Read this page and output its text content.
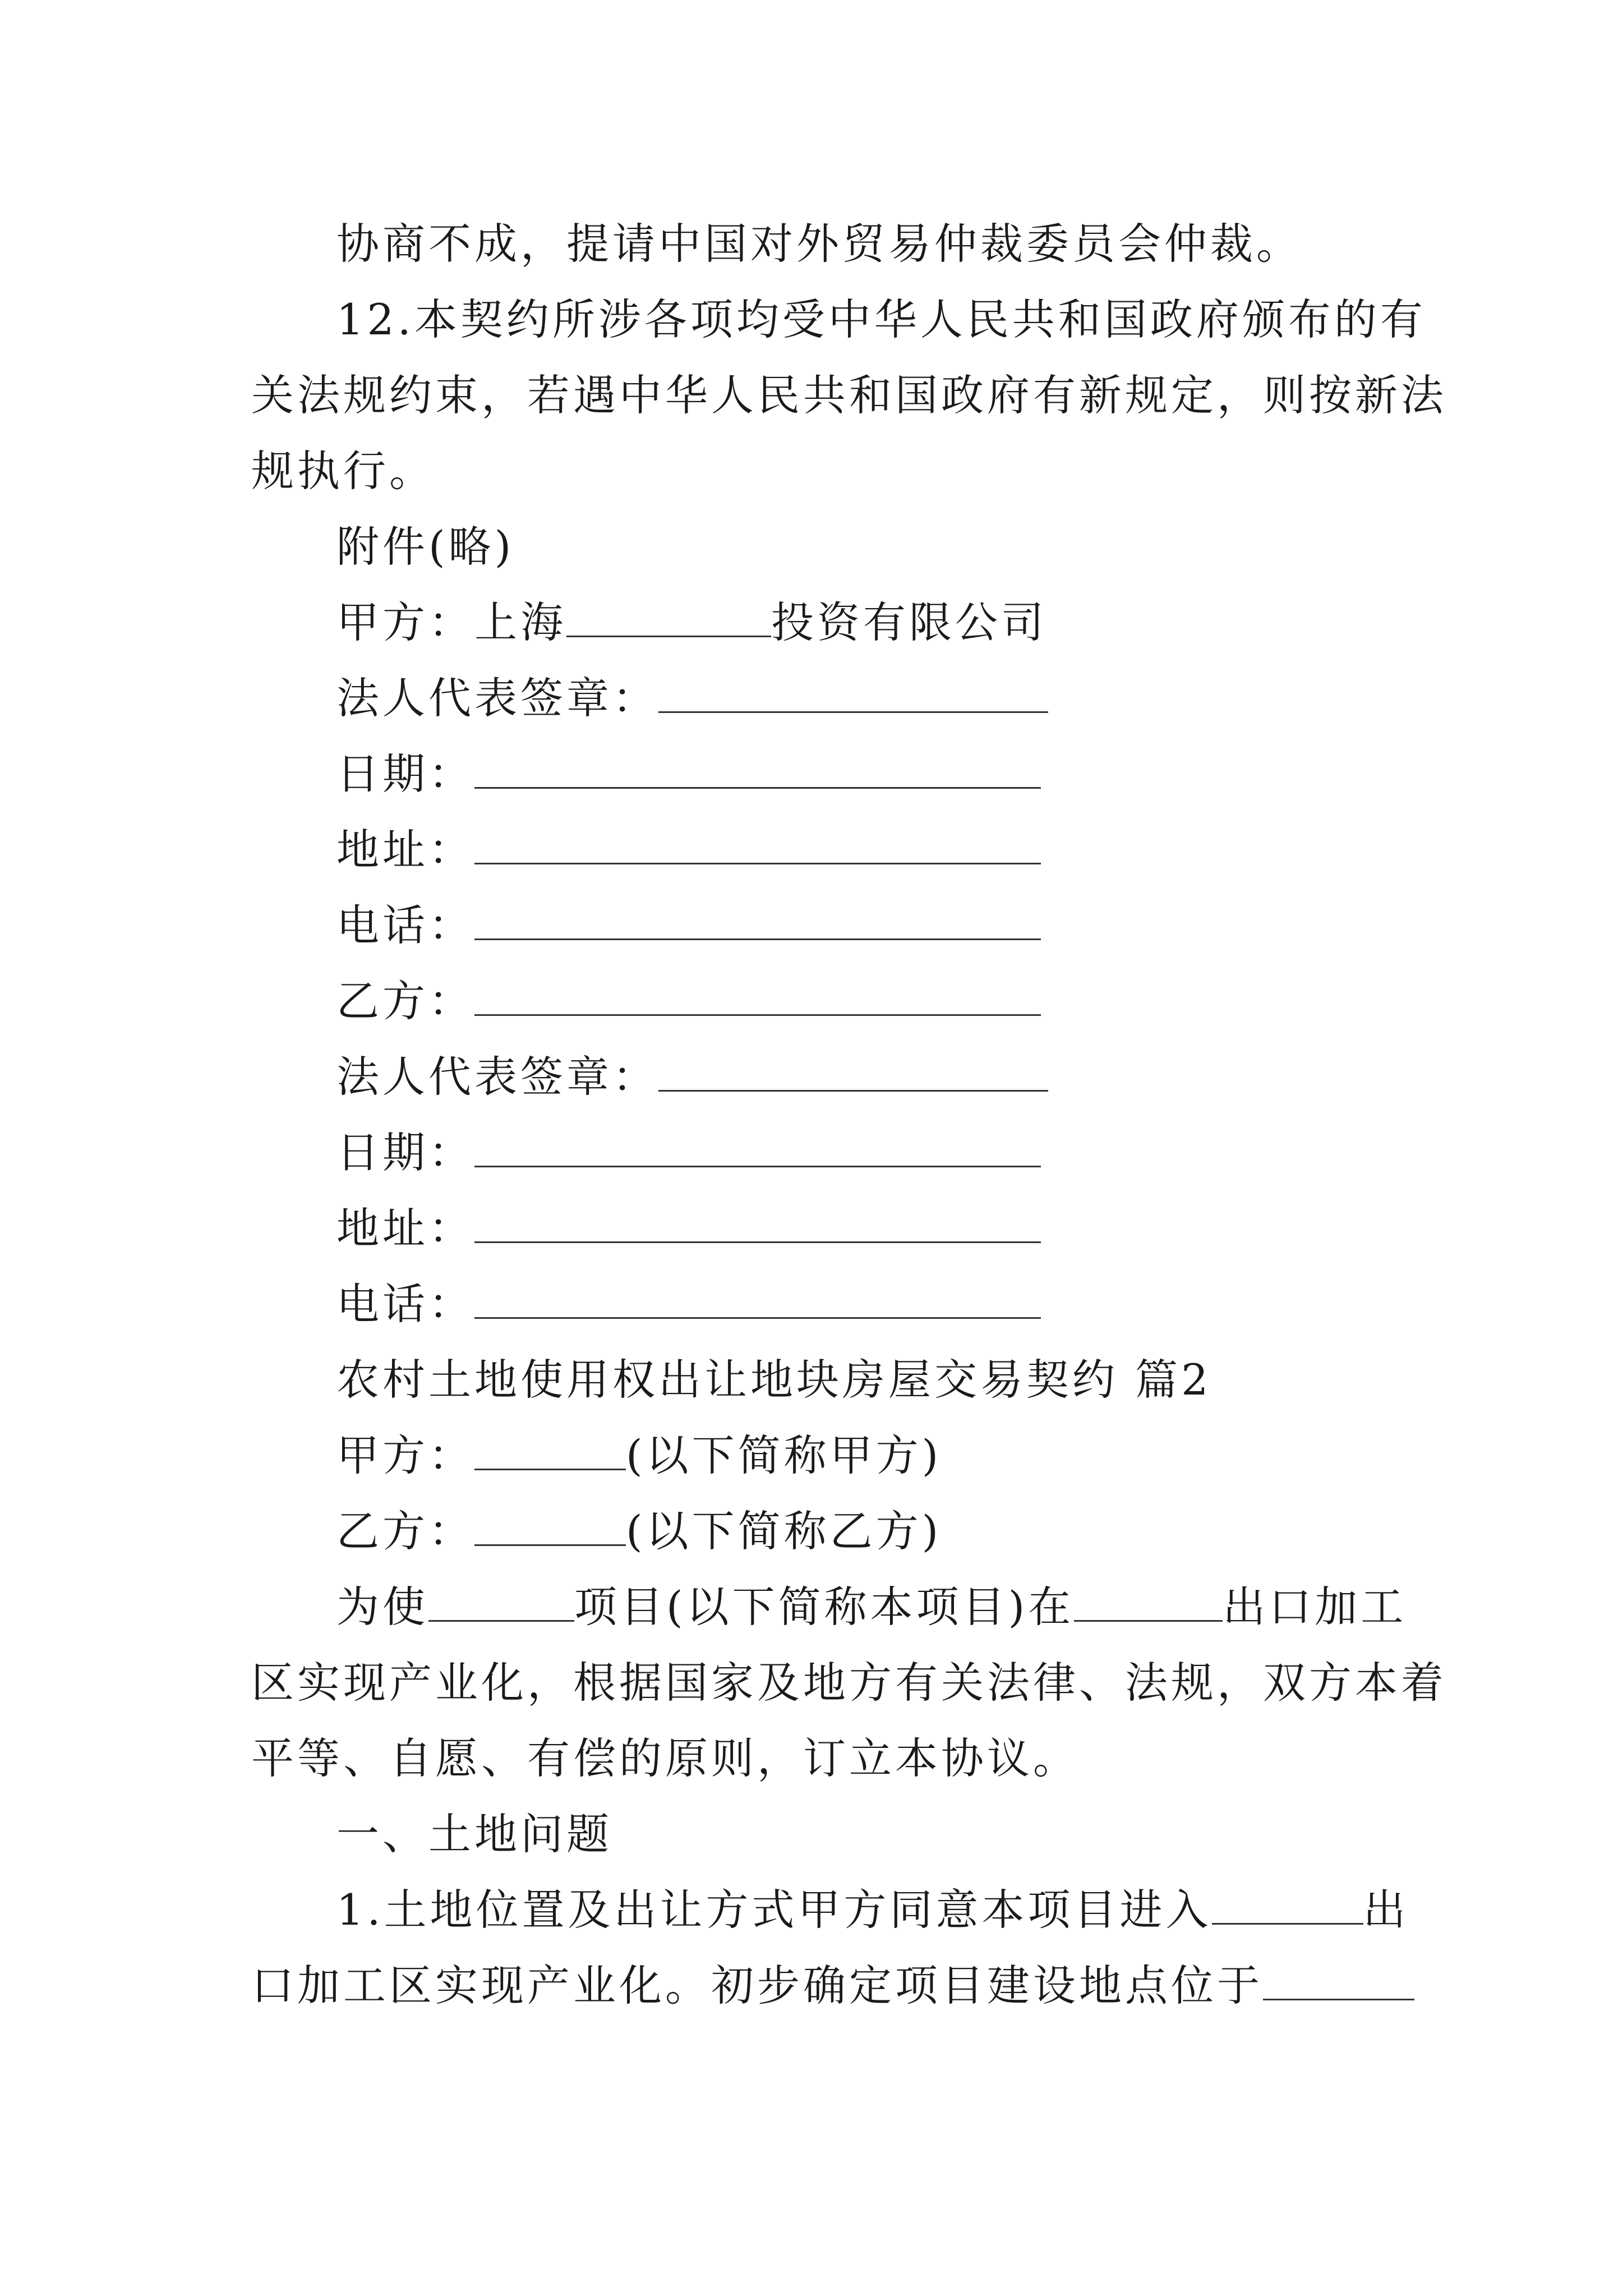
协商不成，提请中国对外贸易仲裁委员会仲裁。
12.本契约所涉各项均受中华人民共和国政府颁布的有
关法规约束，若遇中华人民共和国政府有新规定，则按新法
规执行。
附件(略)
甲方：上海	投资有限公司
法人代表签章：
日期：
地址：
电话：
乙方：
法人代表签章：
日期：
地址：
电话：
农村土地使用权出让地块房屋交易契约 篇2
甲方：	(以下简称甲方)
乙方：	(以下简称乙方)
为使	项目(以下简称本项目)在	出口加工
区实现产业化，根据国家及地方有关法律、法规，双方本着
平等、自愿、有偿的原则，订立本协议。
一、土地问题
1.土地位置及出让方式甲方同意本项目进入	出
口加工区实现产业化。初步确定项目建设地点位于
